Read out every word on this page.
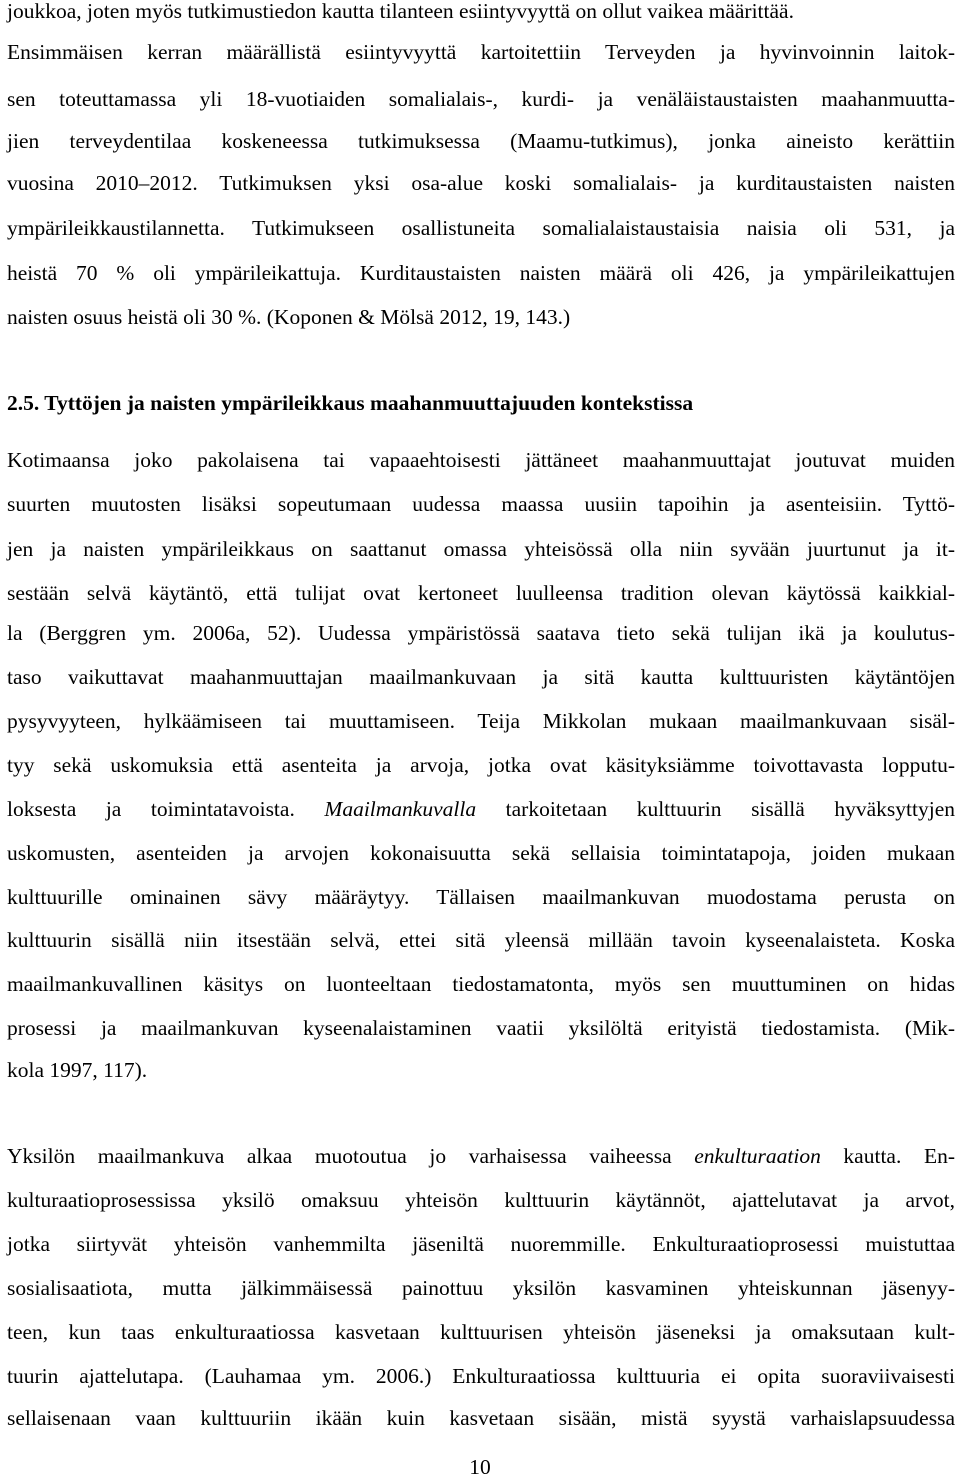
joukkoa, joten myös tutkimustiedon kautta tilanteen esiintyvyyttä on ollut vaikea määrittää.
Ensimmäisen kerran määrällistä esiintyvyyttä kartoitettiin Terveyden ja hyvinvoinnin laitok-
sen toteuttamassa yli 18-vuotiaiden somalialais-, kurdi- ja venäläistaustaisten maahanmuutta-
jien terveydentilaa koskeneessa tutkimuksessa (Maamu-tutkimus), jonka aineisto kerättiin
vuosina 2010–2012. Tutkimuksen yksi osa-alue koski somalialais- ja kurditaustaisten naisten
ympärileikkaustilannetta. Tutkimukseen osallistuneita somalialaistaustaisia naisia oli 531, ja
heistä 70 % oli ympärileikattuja. Kurditaustaisten naisten määrä oli 426, ja ympärileikattujen
naisten osuus heistä oli 30 %. (Koponen & Mölsä 2012, 19, 143.)
2.5. Tyttöjen ja naisten ympärileikkaus maahanmuuttajuuden kontekstissa
Kotimaansa joko pakolaisena tai vapaaehtoisesti jättäneet maahanmuuttajat joutuvat muiden
suurten muutosten lisäksi sopeutumaan uudessa maassa uusiin tapoihin ja asenteisiin. Tyttö-
jen ja naisten ympärileikkaus on saattanut omassa yhteisössä olla niin syvään juurtunut ja it-
sestään selvä käytäntö, että tulijat ovat kertoneet luulleensa tradition olevan käytössä kaikkial-
la (Berggren ym. 2006a, 52). Uudessa ympäristössä saatava tieto sekä tulijan ikä ja koulutus-
taso vaikuttavat maahanmuuttajan maailmankuvaan ja sitä kautta kulttuuristen käytäntöjen
pysyvyyteen, hylkäämiseen tai muuttamiseen. Teija Mikkolan mukaan maailmankuvaan sisäl-
tyy sekä uskomuksia että asenteita ja arvoja, jotka ovat käsityksiämme toivottavasta lopputu-
loksesta ja toimintatavoista. Maailmankuvalla tarkoitetaan kulttuurin sisällä hyväksyttyjen
uskomusten, asenteiden ja arvojen kokonaisuutta sekä sellaisia toimintatapoja, joiden mukaan
kulttuurille ominainen sävy määräytyy. Tällaisen maailmankuvan muodostama perusta on
kulttuurin sisällä niin itsestään selvä, ettei sitä yleensä millään tavoin kyseenalaisteta. Koska
maailmankuvallinen käsitys on luonteeltaan tiedostamatonta, myös sen muuttuminen on hidas
prosessi ja maailmankuvan kyseenalaistaminen vaatii yksilöltä erityistä tiedostamista. (Mik-
kola 1997, 117).
Yksilön maailmankuva alkaa muotoutua jo varhaisessa vaiheessa enkulturaation kautta. En-
kulturaatioprosessissa yksilö omaksuu yhteisön kulttuurin käytännöt, ajattelutavat ja arvot,
jotka siirtyvät yhteisön vanhemmilta jäseniltä nuoremmille. Enkulturaatioprosessi muistuttaa
sosialisaatiota, mutta jälkimmäisessä painottuu yksilön kasvaminen yhteiskunnan jäsenyy-
teen, kun taas enkulturaatiossa kasvetaan kulttuurisen yhteisön jäseneksi ja omaksutaan kult-
tuurin ajattelutapa. (Lauhamaa ym. 2006.) Enkulturaatiossa kulttuuria ei opita suoraviivaisesti
sellaisenaan vaan kulttuuriin ikään kuin kasvetaan sisään, mistä syystä varhaislapsuudessa
10
